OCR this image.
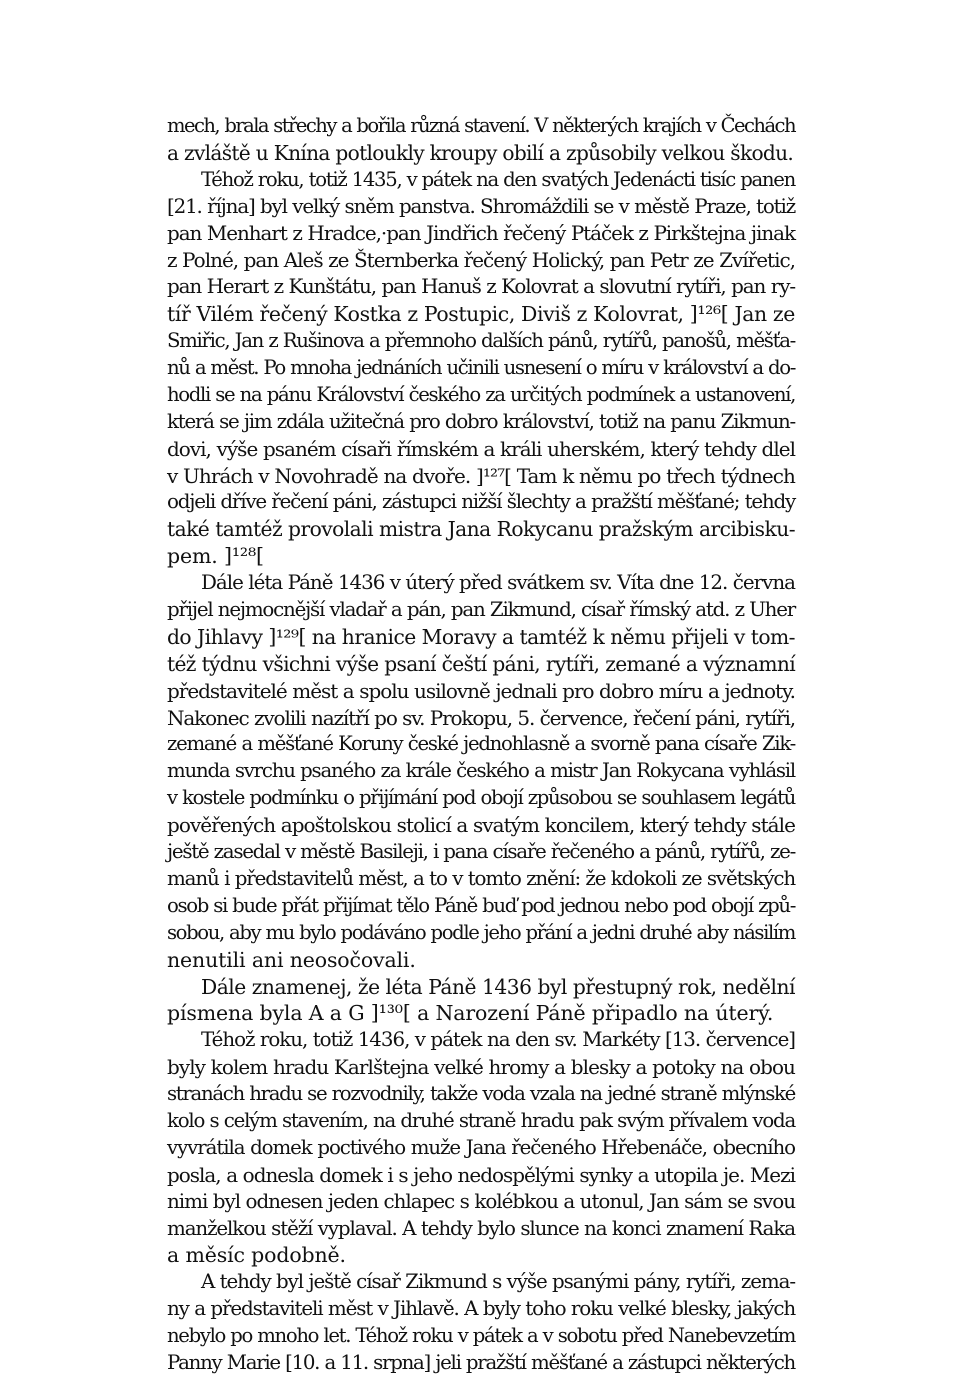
mech, brala střechy a bořila různá stavení. V některých krajích v Čechách
a zvláště u Knína potloukly kroupy obilí a způsobily velkou škodu.
Téhož roku, totiž 1435, v pátek na den svatých Jedenácti tisíc panen
[21. října] byl velký sněm panstva. Shromáždili se v městě Praze, totiž
pan Menhart z Hradce,·pan Jindřich řečený Ptáček z Pirkštejna jinak
z Polné, pan Aleš ze Šternberka řečený Holický, pan Petr ze Zvířetic,
pan Herart z Kunštátu, pan Hanuš z Kolovrat a slovutní rytíři, pan ry-
tíř Vilém řečený Kostka z Postupic, Diviš z Kolovrat, ]¹²⁶[ Jan ze
Smiřic, Jan z Rušinova a přemnoho dalších pánů, rytířů, panošů, měšťa-
nů a měst. Po mnoha jednáních učinili usnesení o míru v království a do-
hodli se na pánu Království českého za určitých podmínek a ustanovení,
která se jim zdála užitečná pro dobro království, totiž na panu Zikmun-
dovi, výše psaném císaři římském a králi uherském, který tehdy dlel
v Uhrách v Novohradě na dvoře. ]¹²⁷[ Tam k němu po třech týdnech
odjeli dříve řečení páni, zástupci nižší šlechty a pražští měšťané; tehdy
také tamtéž provolali mistra Jana Rokycanu pražským arcibisku-
pem. ]¹²⁸[
Dále léta Páně 1436 v úterý před svátkem sv. Víta dne 12. června
přijel nejmocnější vladař a pán, pan Zikmund, císař římský atd. z Uher
do Jihlavy ]¹²⁹[ na hranice Moravy a tamtéž k němu přijeli v tom-
též týdnu všichni výše psaní čeští páni, rytíři, zemané a významní
představitelé měst a spolu usilovně jednali pro dobro míru a jednoty.
Nakonec zvolili nazítří po sv. Prokopu, 5. července, řečení páni, rytíři,
zemané a měšťané Koruny české jednohlasně a svorně pana císaře Zik-
munda svrchu psaného za krále českého a mistr Jan Rokycana vyhlásil
v kostele podmínku o přijímání pod obojí způsobou se souhlasem legátů
pověřených apoštolskou stolicí a svatým koncilem, který tehdy stále
ještě zasedal v městě Basileji, i pana císaře řečeného a pánů, rytířů, ze-
manů i představitelů měst, a to v tomto znění: že kdokoli ze světských
osob si bude přát přijímat tělo Páně buď pod jednou nebo pod obojí způ-
sobou, aby mu bylo podáváno podle jeho přání a jedni druhé aby násilím
nenutili ani neosočovali.
Dále znamenej, že léta Páně 1436 byl přestupný rok, nedělní
písmena byla A a G ]¹³⁰[ a Narození Páně připadlo na úterý.
Téhož roku, totiž 1436, v pátek na den sv. Markéty [13. července]
byly kolem hradu Karlštejna velké hromy a blesky a potoky na obou
stranách hradu se rozvodnily, takže voda vzala na jedné straně mlýnské
kolo s celým stavením, na druhé straně hradu pak svým přívalem voda
vyvrátila domek poctivého muže Jana řečeného Hřebenáče, obecního
posla, a odnesla domek i s jeho nedospělými synky a utopila je. Mezi
nimi byl odnesen jeden chlapec s kolébkou a utonul, Jan sám se svou
manželkou stěží vyplaval. A tehdy bylo slunce na konci znamení Raka
a měsíc podobně.
A tehdy byl ještě císař Zikmund s výše psanými pány, rytíři, zema-
ny a představiteli měst v Jihlavě. A byly toho roku velké blesky, jakých
nebylo po mnoho let. Téhož roku v pátek a v sobotu před Nanebevzetím
Panny Marie [10. a 11. srpna] jeli pražští měšťané a zástupci některých
